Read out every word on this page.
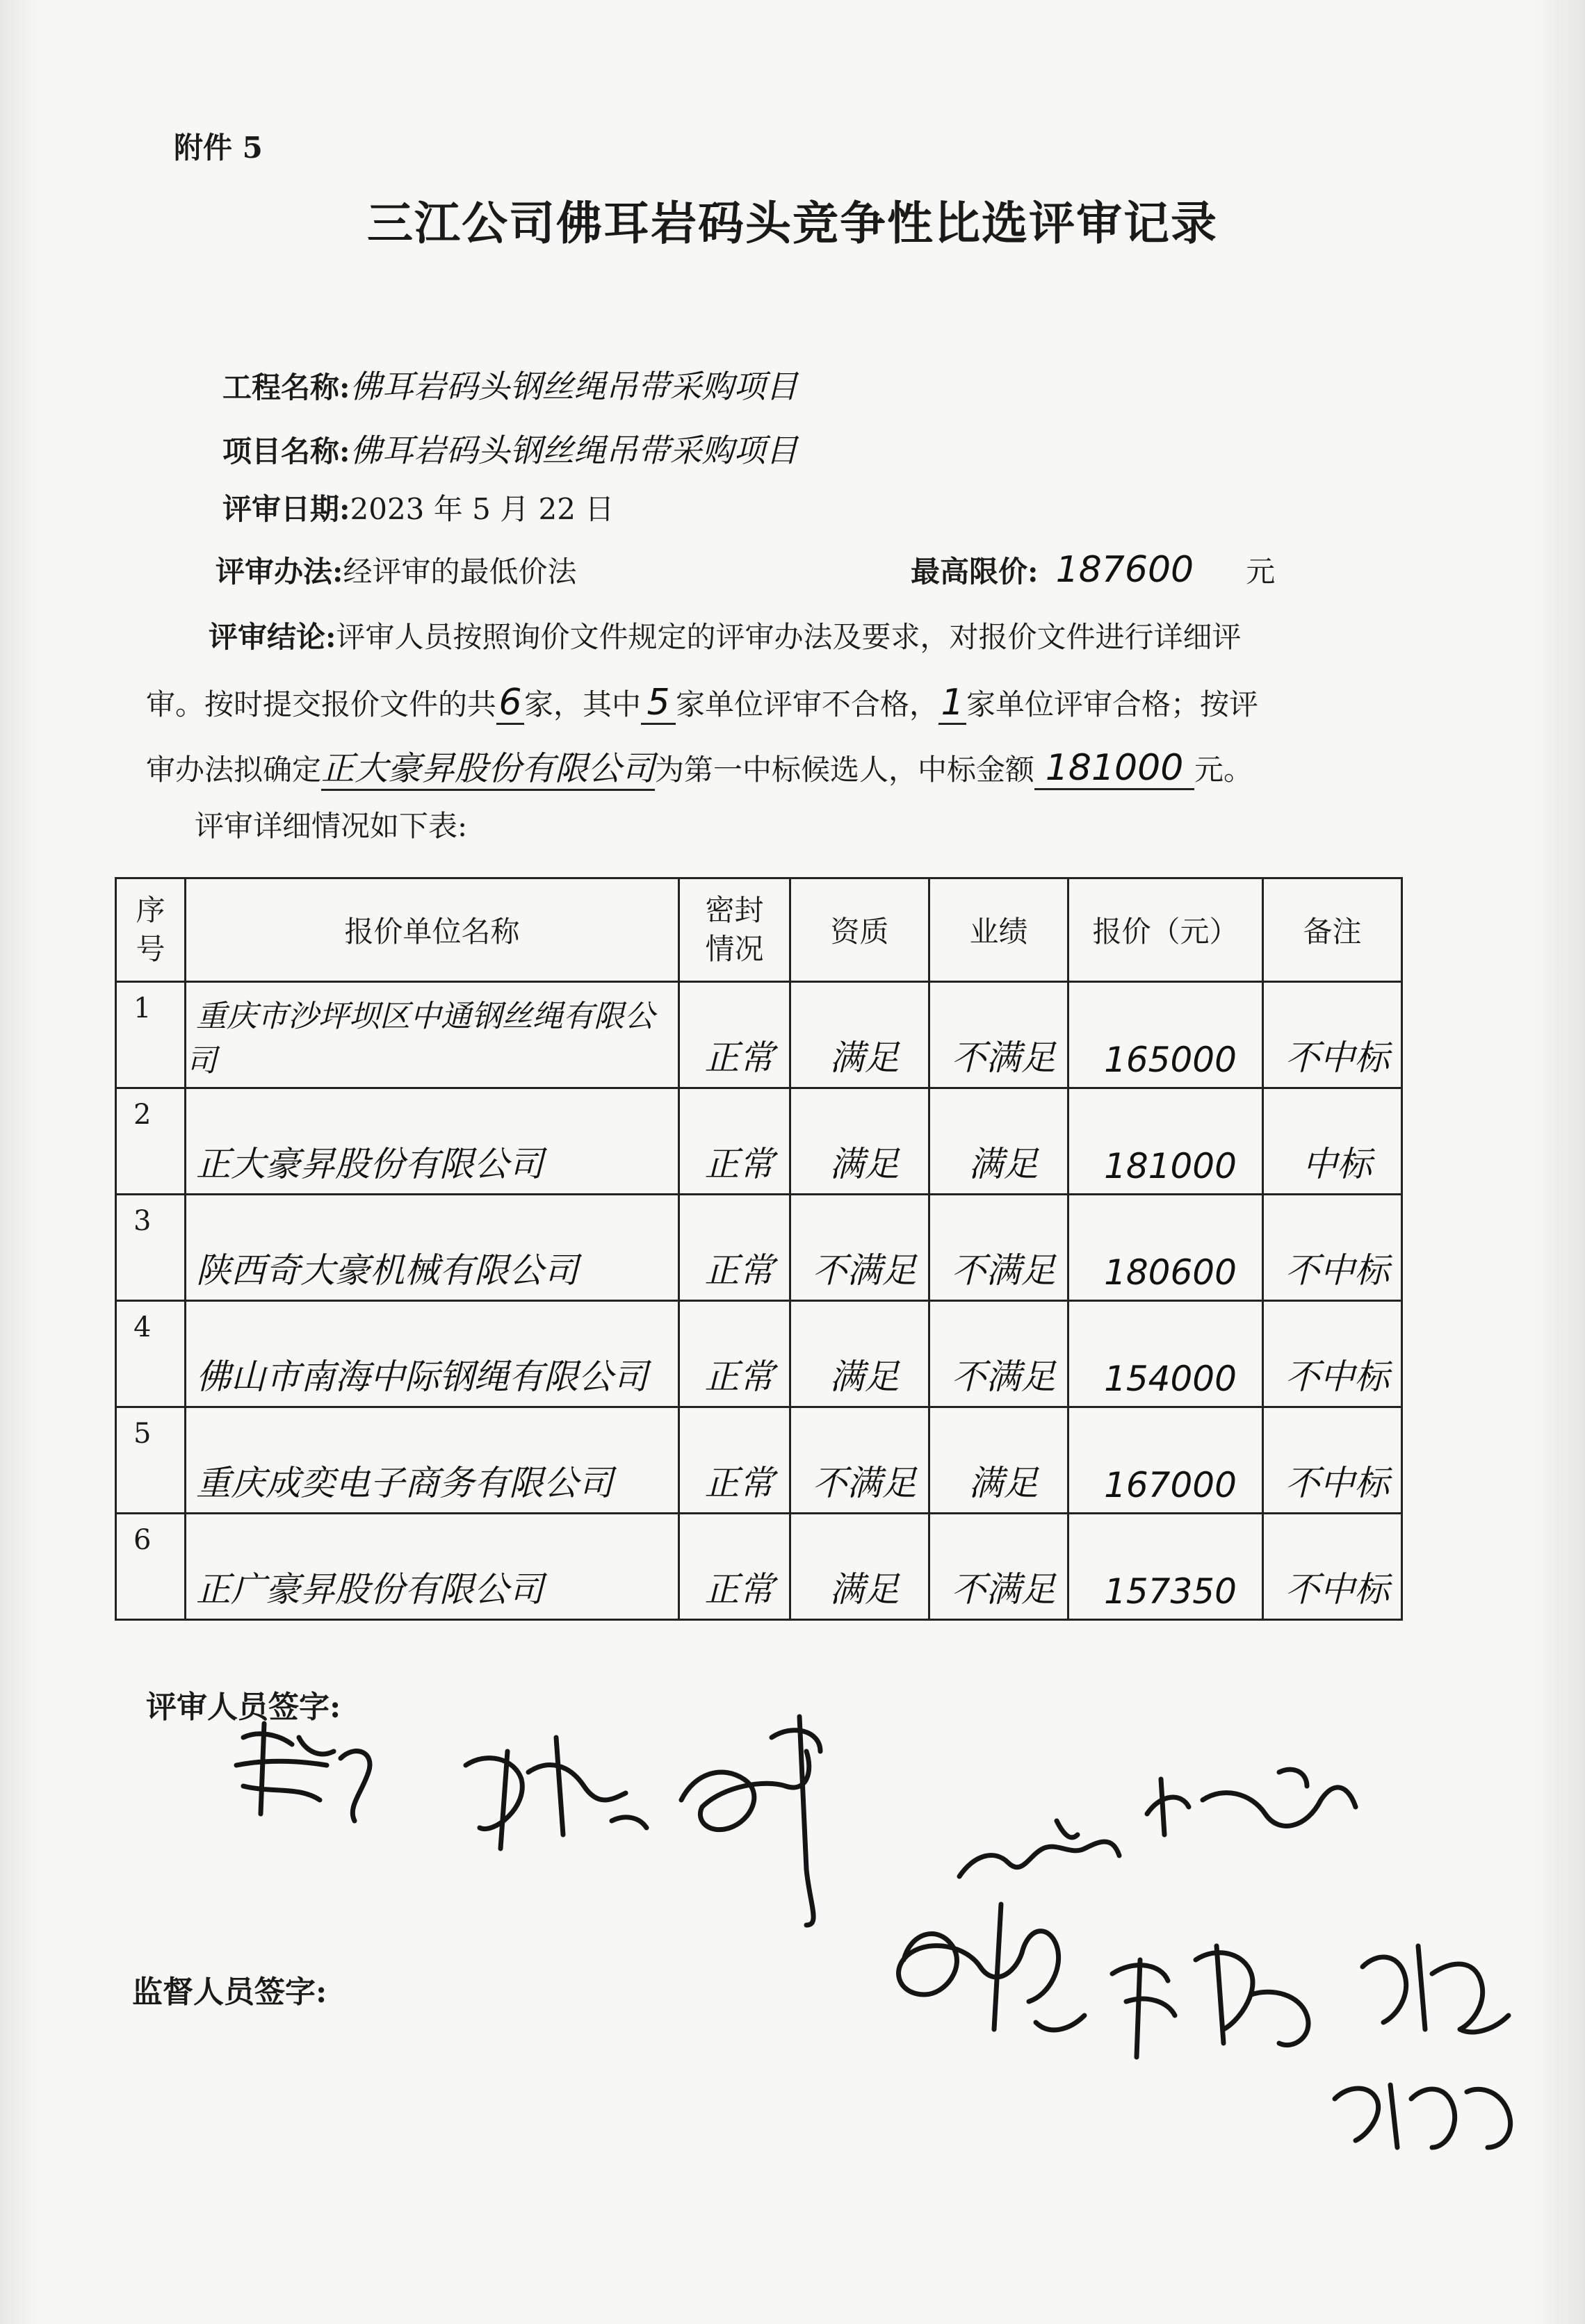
附件 5
三江公司佛耳岩码头竞争性比选评审记录
工程名称:佛耳岩码头钢丝绳吊带采购项目
项目名称:佛耳岩码头钢丝绳吊带采购项目
评审日期:2023 年 5 月 22 日
评审办法:经评审的最低价法	最高限价: 187600 元
评审结论:评审人员按照询价文件规定的评审办法及要求，对报价文件进行详细评
审。按时提交报价文件的共6家，其中 5 家单位评审不合格，1家单位评审合格；按评
审办法拟确定正大豪昇股份有限公司为第一中标候选人，中标金额 181000 元。
评审详细情况如下表:
序号	报价单位名称	密封情况	资质	业绩	报价（元）	备注
1	重庆市沙坪坝区中通钢丝绳有限公司	正常	满足	不满足	165000	不中标
2	正大豪昇股份有限公司	正常	满足	满足	181000	中标
3	陕西奇大豪机械有限公司	正常	不满足	不满足	180600	不中标
4	佛山市南海中际钢绳有限公司	正常	满足	不满足	154000	不中标
5	重庆成奕电子商务有限公司	正常	不满足	满足	167000	不中标
6	正广豪昇股份有限公司	正常	满足	不满足	157350	不中标
评审人员签字:
监督人员签字:
